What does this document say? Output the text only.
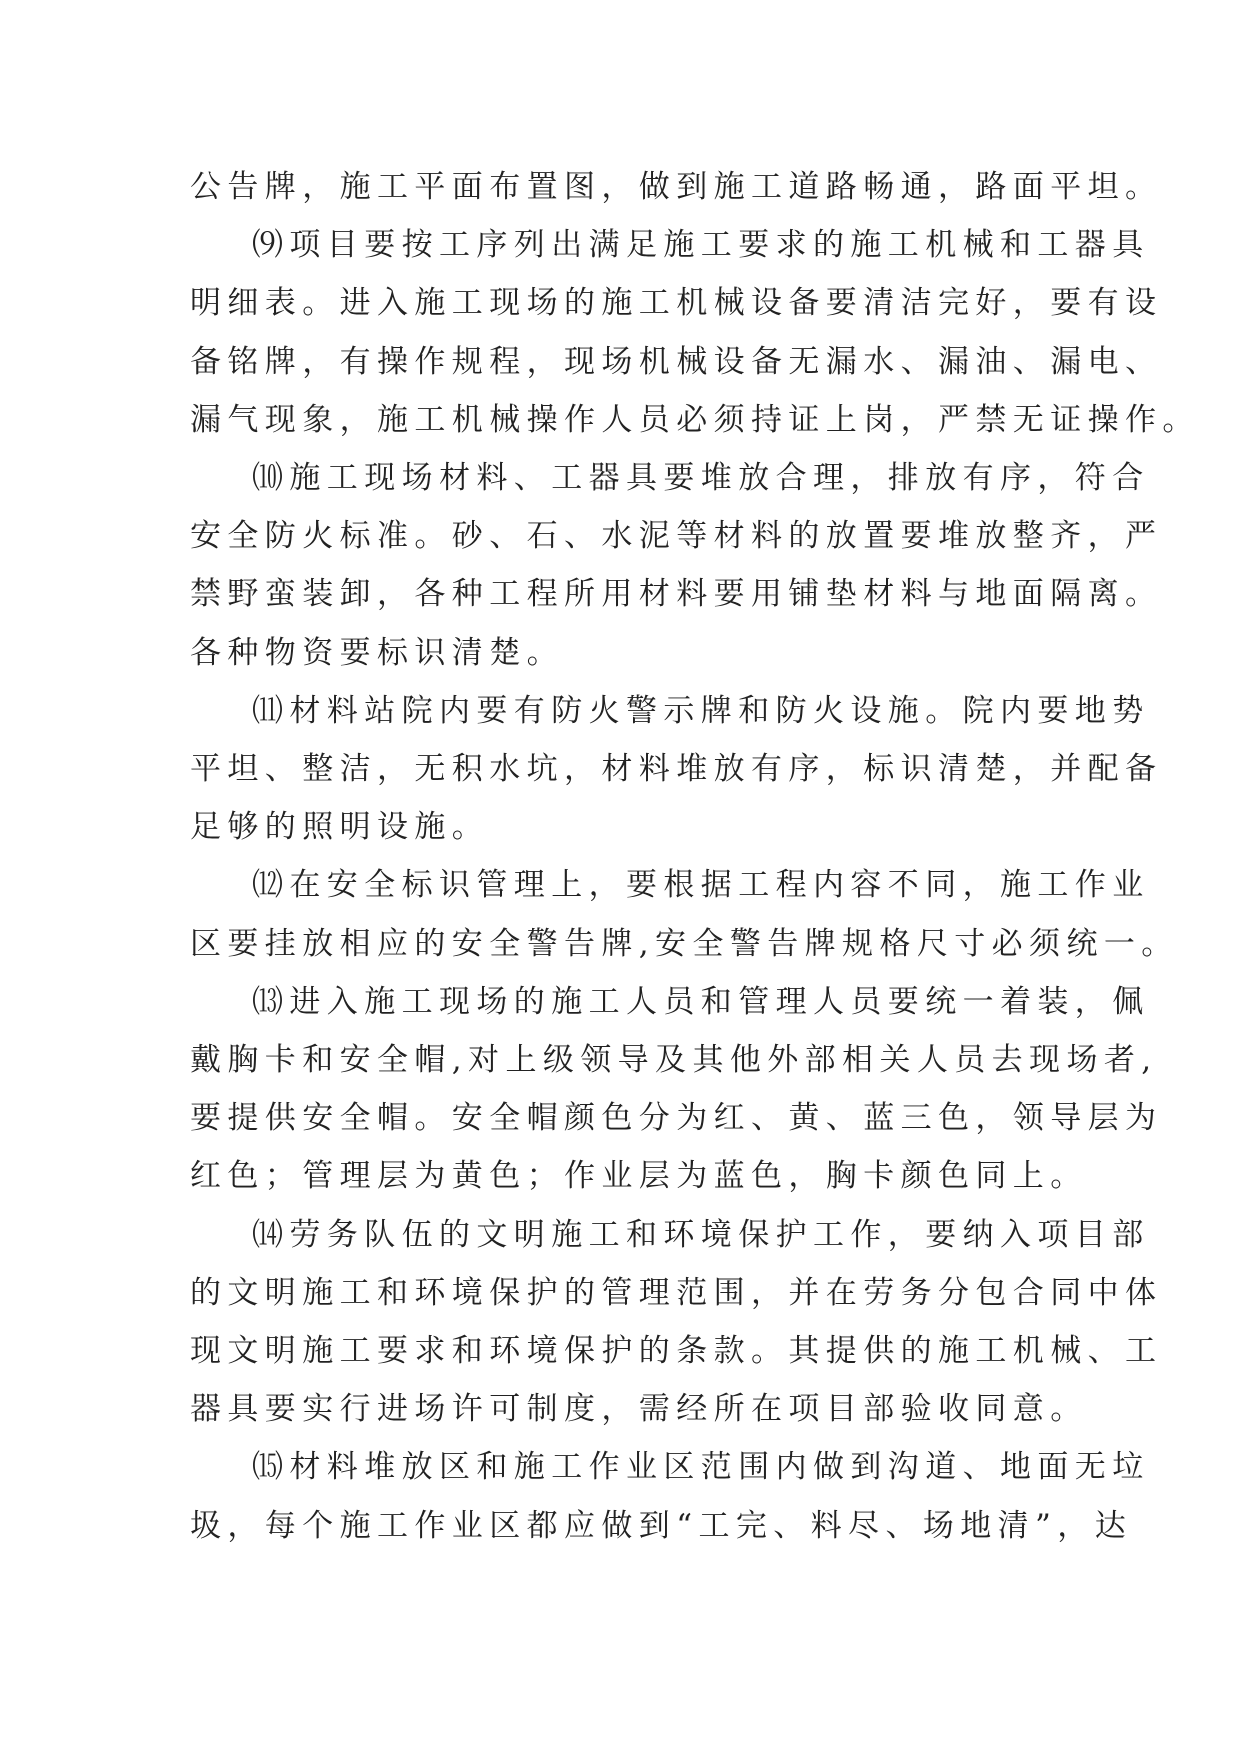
公告牌，施工平面布置图，做到施工道路畅通，路面平坦。

⑼项目要按工序列出满足施工要求的施工机械和工器具

明细表。进入施工现场的施工机械设备要清洁完好，要有设

备铭牌，有操作规程，现场机械设备无漏水、漏油、漏电、

漏气现象，施工机械操作人员必须持证上岗，严禁无证操作。

⑽施工现场材料、工器具要堆放合理，排放有序，符合

安全防火标准。砂、石、水泥等材料的放置要堆放整齐，严

禁野蛮装卸，各种工程所用材料要用铺垫材料与地面隔离。

各种物资要标识清楚。

⑾材料站院内要有防火警示牌和防火设施。院内要地势

平坦、整洁，无积水坑，材料堆放有序，标识清楚，并配备

足够的照明设施。

⑿在安全标识管理上，要根据工程内容不同，施工作业

区要挂放相应的安全警告牌,安全警告牌规格尺寸必须统一。

⒀进入施工现场的施工人员和管理人员要统一着装，佩

戴胸卡和安全帽,对上级领导及其他外部相关人员去现场者,

要提供安全帽。安全帽颜色分为红、黄、蓝三色，领导层为

红色；管理层为黄色；作业层为蓝色，胸卡颜色同上。

⒁劳务队伍的文明施工和环境保护工作，要纳入项目部

的文明施工和环境保护的管理范围，并在劳务分包合同中体

现文明施工要求和环境保护的条款。其提供的施工机械、工

器具要实行进场许可制度，需经所在项目部验收同意。

⒂材料堆放区和施工作业区范围内做到沟道、地面无垃

圾，每个施工作业区都应做到“工完、料尽、场地清”，达
